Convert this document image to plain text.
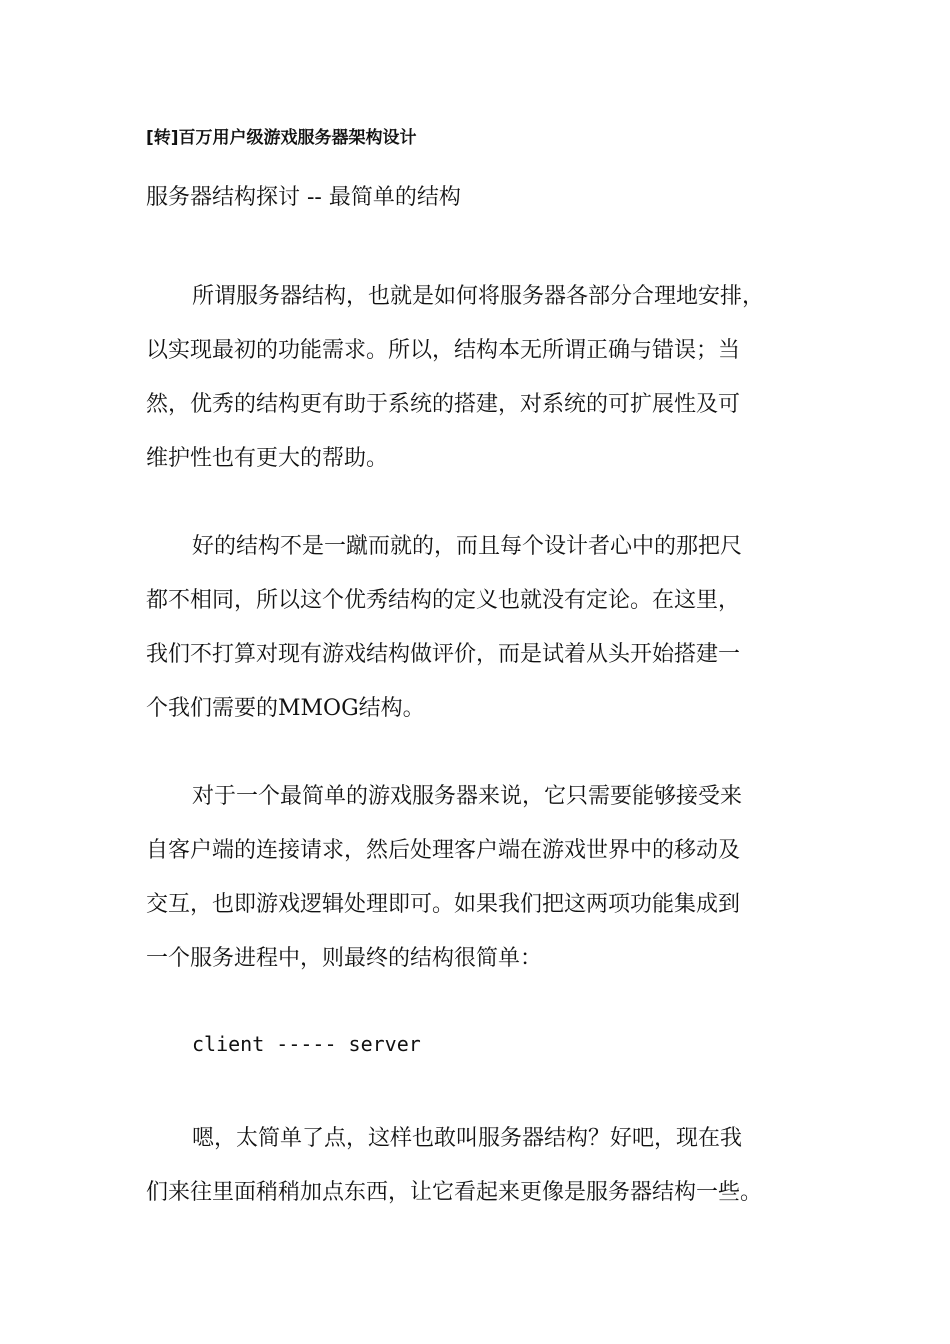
[转]百万用户级游戏服务器架构设计
服务器结构探讨 -- 最简单的结构
所谓服务器结构，也就是如何将服务器各部分合理地安排，
以实现最初的功能需求。所以，结构本无所谓正确与错误；当
然，优秀的结构更有助于系统的搭建，对系统的可扩展性及可
维护性也有更大的帮助。
好的结构不是一蹴而就的，而且每个设计者心中的那把尺
都不相同，所以这个优秀结构的定义也就没有定论。在这里，
我们不打算对现有游戏结构做评价，而是试着从头开始搭建一
个我们需要的MMOG结构。
对于一个最简单的游戏服务器来说，它只需要能够接受来
自客户端的连接请求，然后处理客户端在游戏世界中的移动及
交互，也即游戏逻辑处理即可。如果我们把这两项功能集成到
一个服务进程中，则最终的结构很简单：
client ----- server
嗯，太简单了点，这样也敢叫服务器结构？好吧，现在我
们来往里面稍稍加点东西，让它看起来更像是服务器结构一些。
